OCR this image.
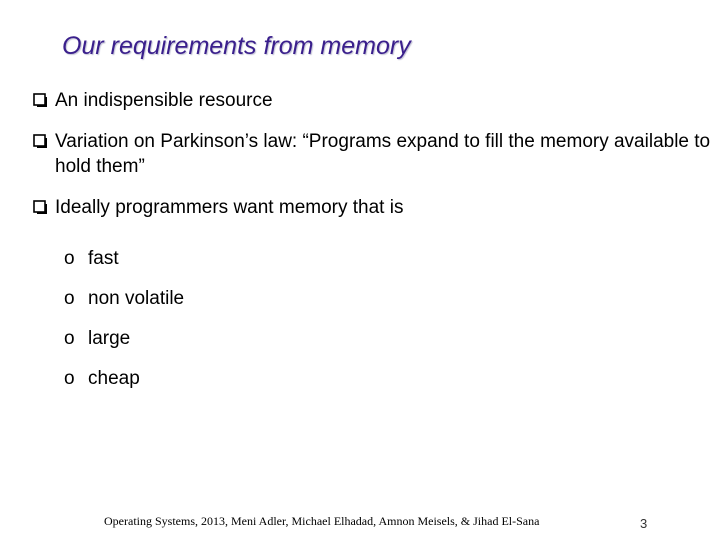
Our requirements from memory
An indispensible resource
Variation on Parkinson’s law: “Programs expand to fill the memory available to hold them”
Ideally programmers want memory that is
o fast
o non volatile
o large
o cheap
Operating Systems, 2013, Meni Adler, Michael Elhadad, Amnon Meisels, & Jihad El-Sana	3
